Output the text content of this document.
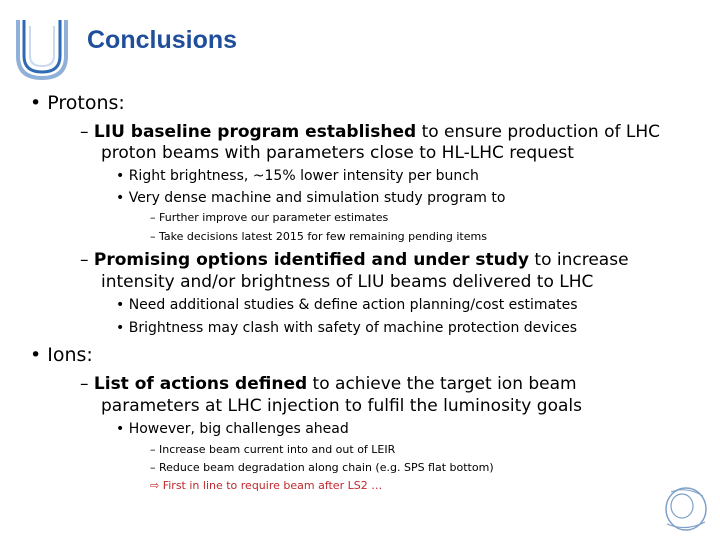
Conclusions
• Protons:
– LIU baseline program established to ensure production of LHC
proton beams with parameters close to HL-LHC request
• Right brightness, ~15% lower intensity per bunch
• Very dense machine and simulation study program to
– Further improve our parameter estimates
– Take decisions latest 2015 for few remaining pending items
– Promising options identified and under study to increase
intensity and/or brightness of LIU beams delivered to LHC
• Need additional studies & define action planning/cost estimates
• Brightness may clash with safety of machine protection devices
• Ions:
– List of actions defined to achieve the target ion beam
parameters at LHC injection to fulfil the luminosity goals
• However, big challenges ahead
– Increase beam current into and out of LEIR
– Reduce beam degradation along chain (e.g. SPS flat bottom)
⇨ First in line to require beam after LS2 …
